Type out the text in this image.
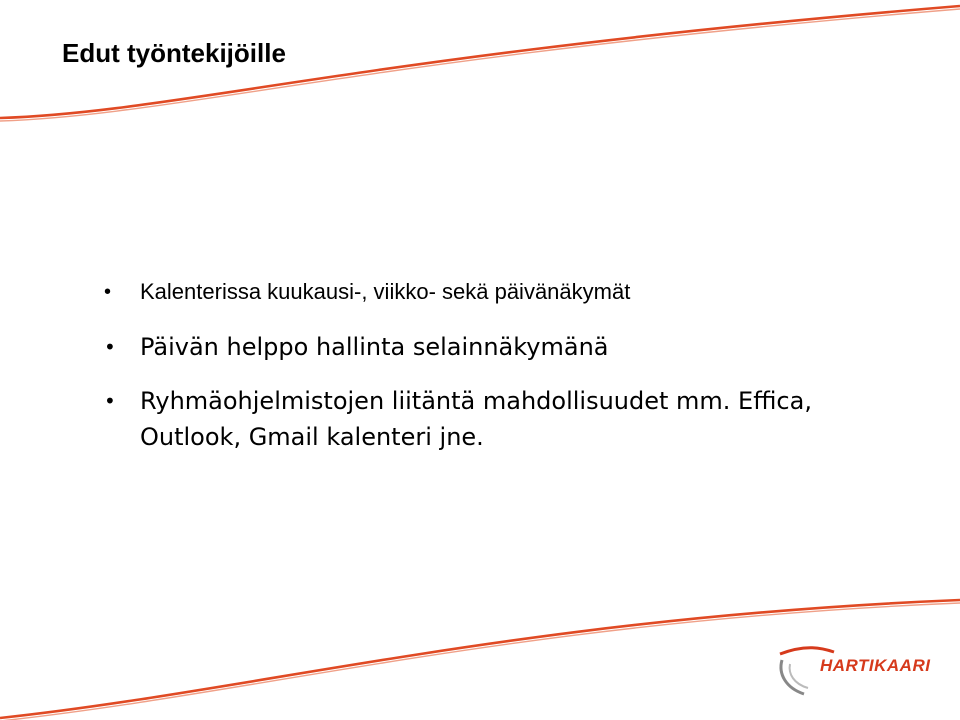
Edut työntekijöille
• Kalenterissa kuukausi-, viikko- sekä päivänäkymät
• Päivän helppo hallinta selainnäkymänä
• Ryhmäohjelmistojen liitäntä mahdollisuudet mm. Effica, Outlook, Gmail kalenteri jne.
HARTIKAARI
